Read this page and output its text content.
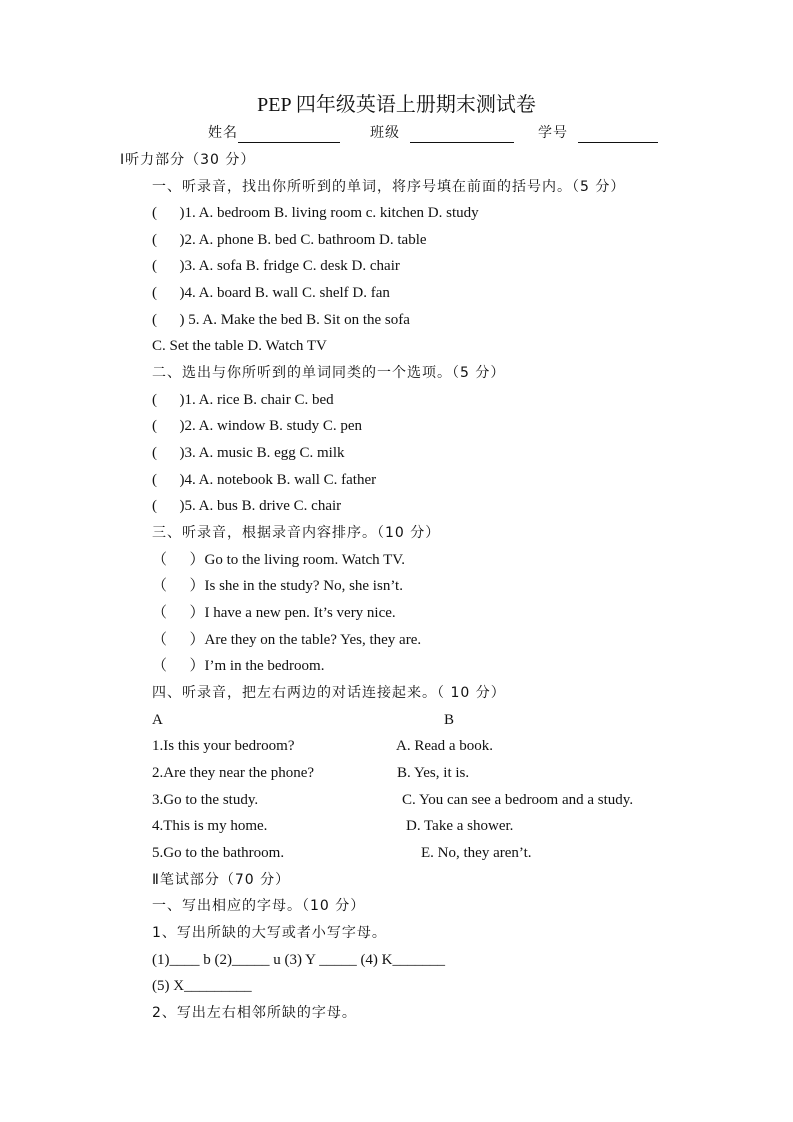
PEP 四年级英语上册期末测试卷
姓名	班级	学号
Ⅰ听力部分（30 分）
一、听录音，找出你所听到的单词，将序号填在前面的括号内。（5 分）
(      )1. A. bedroom B. living room c. kitchen D. study
(      )2. A. phone B. bed C. bathroom D. table
(      )3. A. sofa B. fridge C. desk D. chair
(      )4. A. board B. wall C. shelf D. fan
(      ) 5. A. Make the bed B. Sit on the sofa
C. Set the table D. Watch TV
二、选出与你所听到的单词同类的一个选项。（5 分）
(      )1. A. rice B. chair C. bed
(      )2. A. window B. study C. pen
(      )3. A. music B. egg C. milk
(      )4. A. notebook B. wall C. father
(      )5. A. bus B. drive C. chair
三、听录音，根据录音内容排序。（10 分）
（      ）Go to the living room. Watch TV.
（      ）Is she in the study? No, she isn’t.
（      ）I have a new pen. It’s very nice.
（      ）Are they on the table? Yes, they are.
（      ）I’m in the bedroom.
四、听录音，把左右两边的对话连接起来。（ 10 分）
A	B
1.Is this your bedroom?	A. Read a book.
2.Are they near the phone?	B. Yes, it is.
3.Go to the study.	C. You can see a bedroom and a study.
4.This is my home.	D. Take a shower.
5.Go to the bathroom.	E. No, they aren’t.
Ⅱ笔试部分（70 分）
一、写出相应的字母。（10 分）
1、写出所缺的大写或者小写字母。
(1)____ b (2)_____ u (3) Y _____ (4) K_______
(5) X_________
2、写出左右相邻所缺的字母。
